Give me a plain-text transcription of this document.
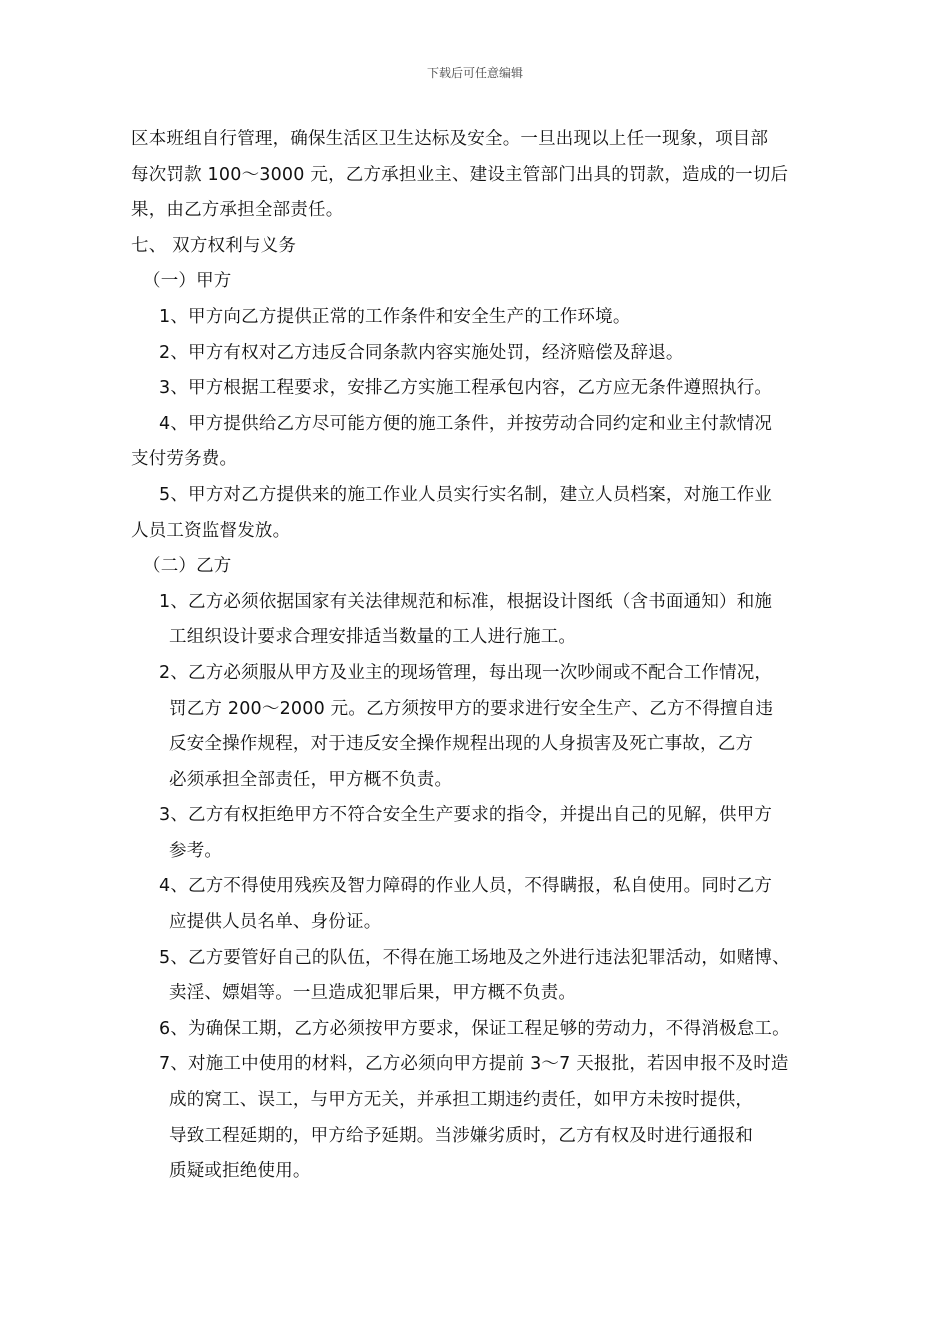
下载后可任意编辑

区本班组自行管理，确保生活区卫生达标及安全。一旦出现以上任一现象，项目部

每次罚款 100～3000 元，乙方承担业主、建设主管部门出具的罚款，造成的一切后

果，由乙方承担全部责任。

七、 双方权利与义务

（一）甲方

1、甲方向乙方提供正常的工作条件和安全生产的工作环境。

2、甲方有权对乙方违反合同条款内容实施处罚，经济赔偿及辞退。

3、甲方根据工程要求，安排乙方实施工程承包内容，乙方应无条件遵照执行。

4、甲方提供给乙方尽可能方便的施工条件，并按劳动合同约定和业主付款情况

支付劳务费。

5、甲方对乙方提供来的施工作业人员实行实名制，建立人员档案，对施工作业

人员工资监督发放。

（二）乙方

1、乙方必须依据国家有关法律规范和标准，根据设计图纸（含书面通知）和施

工组织设计要求合理安排适当数量的工人进行施工。

2、乙方必须服从甲方及业主的现场管理，每出现一次吵闹或不配合工作情况，

罚乙方 200～2000 元。乙方须按甲方的要求进行安全生产、乙方不得擅自违

反安全操作规程，对于违反安全操作规程出现的人身损害及死亡事故，乙方

必须承担全部责任，甲方概不负责。

3、乙方有权拒绝甲方不符合安全生产要求的指令，并提出自己的见解，供甲方

参考。

4、乙方不得使用残疾及智力障碍的作业人员，不得瞒报，私自使用。同时乙方

应提供人员名单、身份证。

5、乙方要管好自己的队伍，不得在施工场地及之外进行违法犯罪活动，如赌博、

卖淫、嫖娼等。一旦造成犯罪后果，甲方概不负责。

6、为确保工期，乙方必须按甲方要求，保证工程足够的劳动力，不得消极怠工。

7、对施工中使用的材料，乙方必须向甲方提前 3～7 天报批，若因申报不及时造

成的窝工、误工，与甲方无关，并承担工期违约责任，如甲方未按时提供，

导致工程延期的，甲方给予延期。当涉嫌劣质时，乙方有权及时进行通报和

质疑或拒绝使用。
